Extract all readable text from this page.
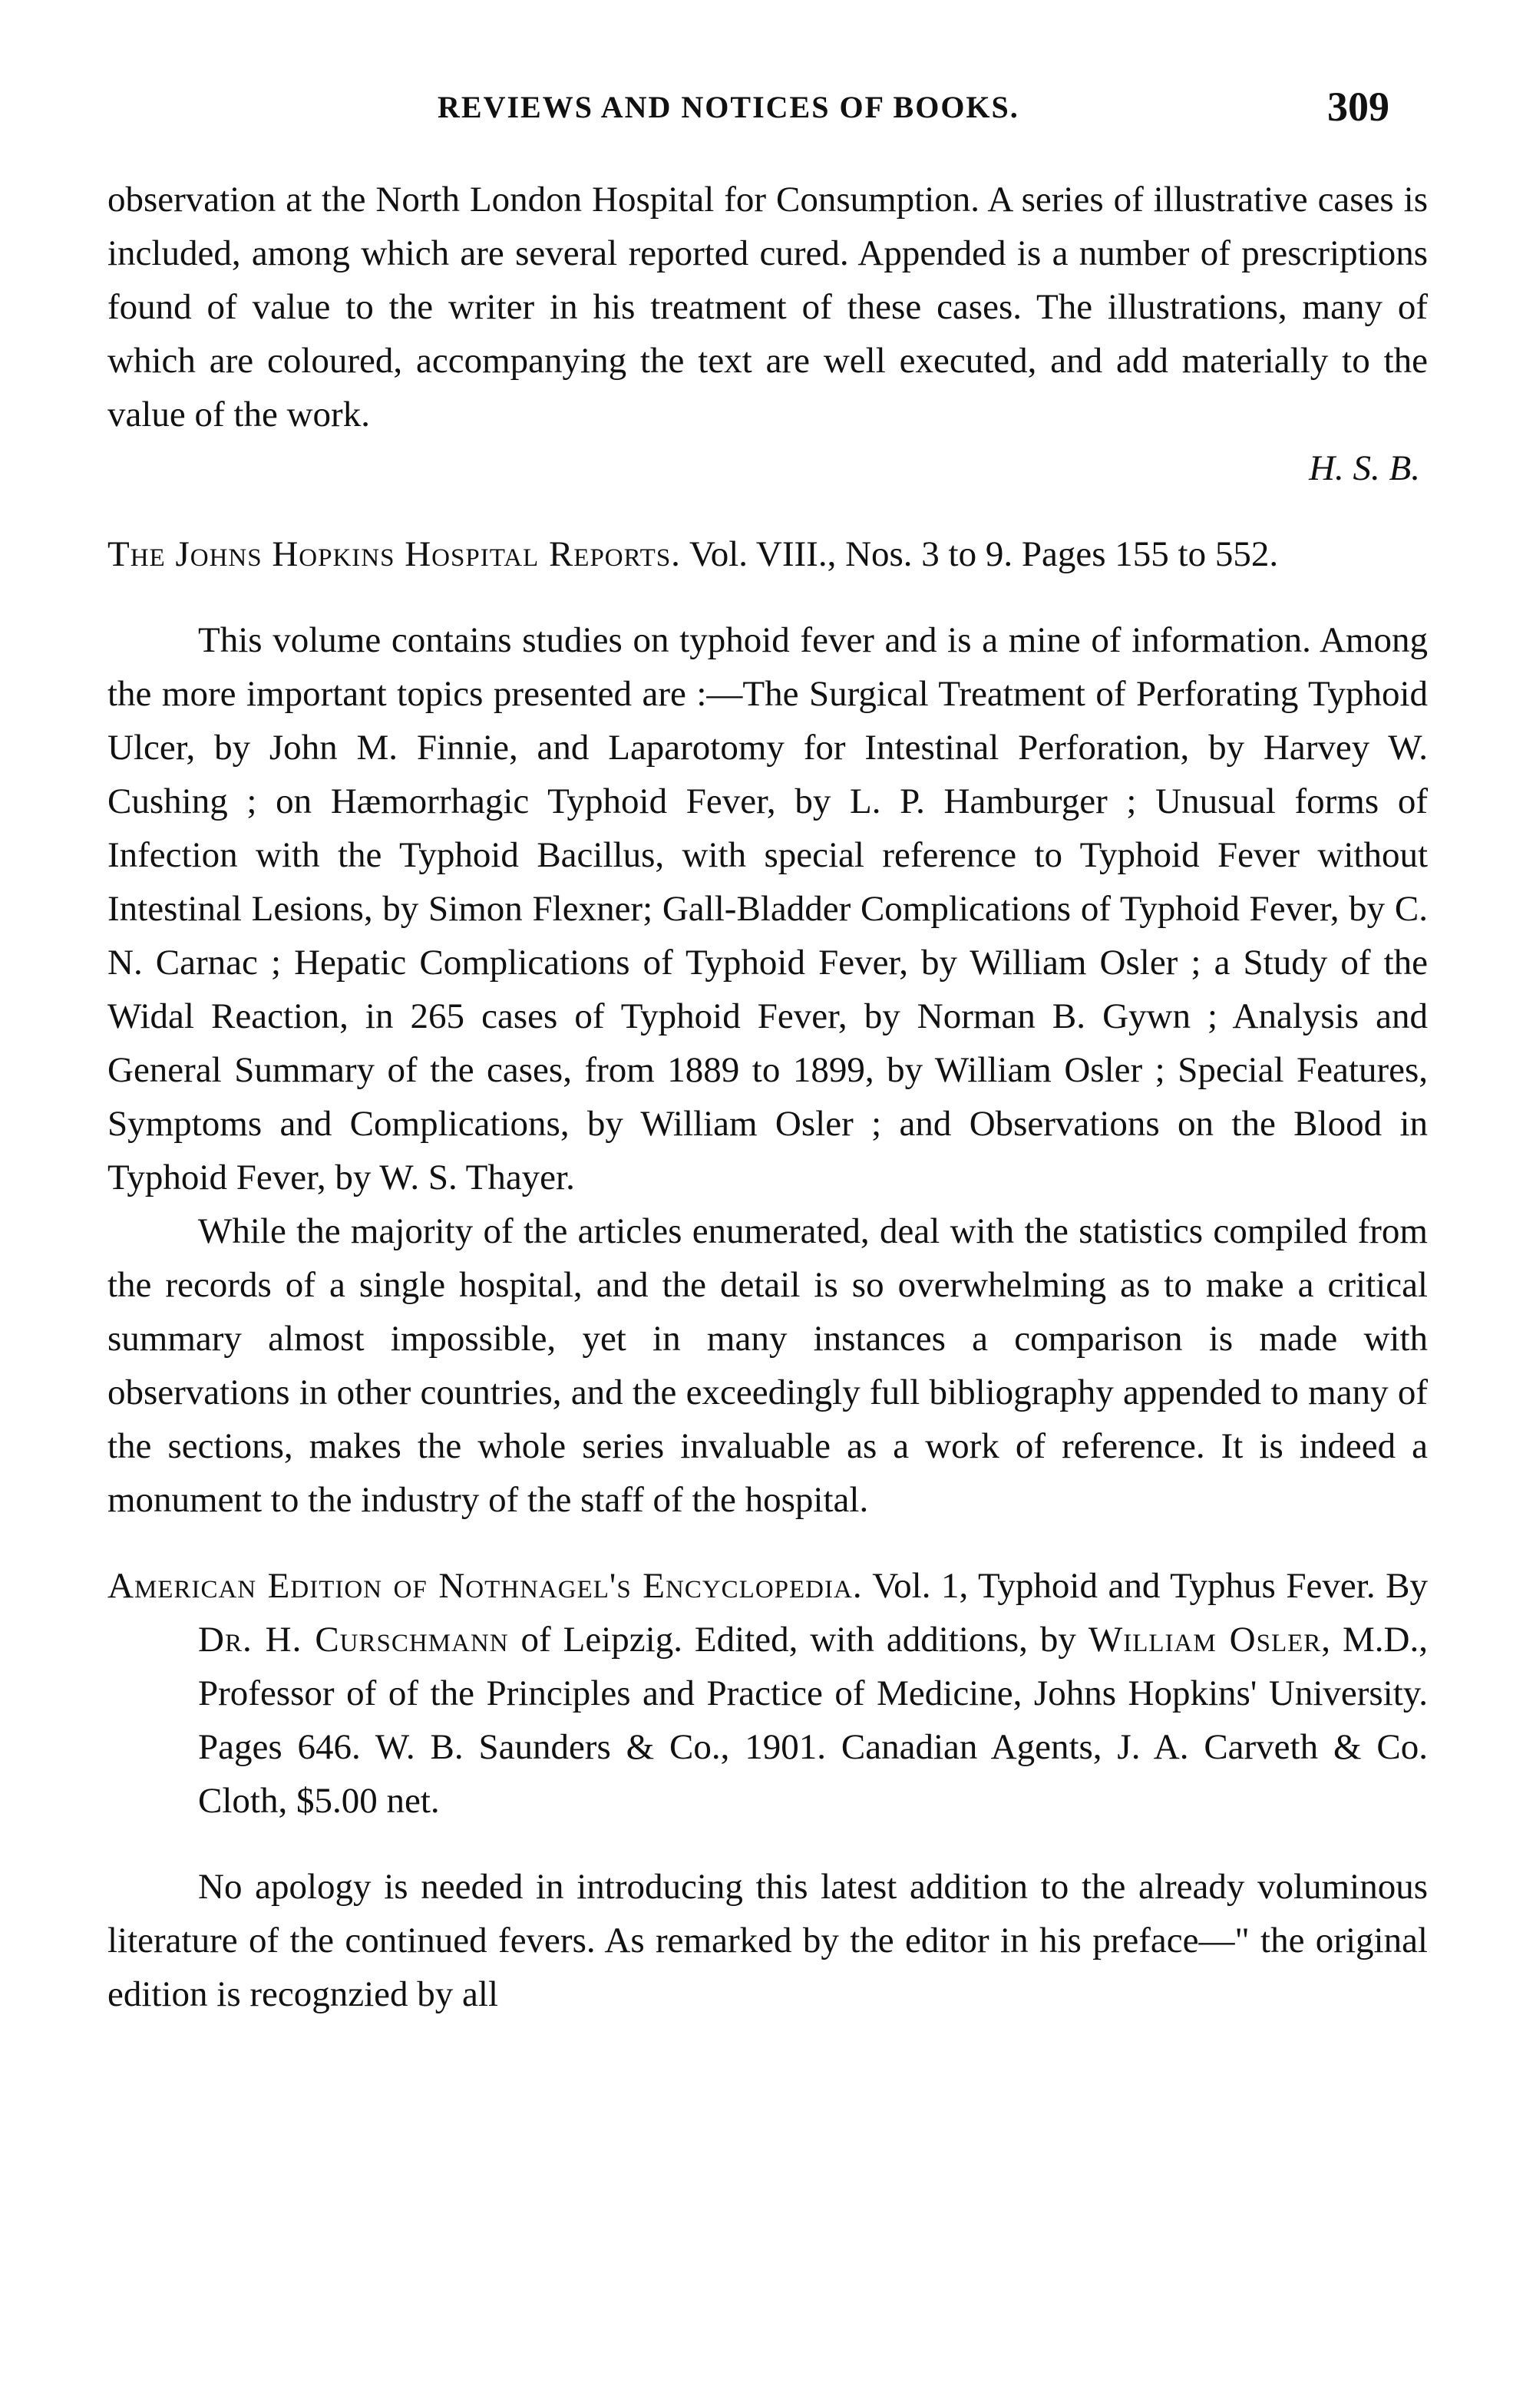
REVIEWS AND NOTICES OF BOOKS.	309

observation at the North London Hospital for Consumption. A series of illustrative cases is included, among which are several reported cured. Appended is a number of prescriptions found of value to the writer in his treatment of these cases. The illustrations, many of which are coloured, accompanying the text are well executed, and add materially to the value of the work.

H. S. B.

The Johns Hopkins Hospital Reports. Vol. VIII., Nos. 3 to 9. Pages 155 to 552.

This volume contains studies on typhoid fever and is a mine of information. Among the more important topics presented are :—The Surgical Treatment of Perforating Typhoid Ulcer, by John M. Finnie, and Laparotomy for Intestinal Perforation, by Harvey W. Cushing ; on Hæmorrhagic Typhoid Fever, by L. P. Hamburger ; Unusual forms of Infection with the Typhoid Bacillus, with special reference to Typhoid Fever without Intestinal Lesions, by Simon Flexner; Gall-Bladder Complications of Typhoid Fever, by C. N. Carnac ; Hepatic Complications of Typhoid Fever, by William Osler ; a Study of the Widal Reaction, in 265 cases of Typhoid Fever, by Norman B. Gywn ; Analysis and General Summary of the cases, from 1889 to 1899, by William Osler ; Special Features, Symptoms and Complications, by William Osler ; and Observations on the Blood in Typhoid Fever, by W. S. Thayer.

While the majority of the articles enumerated, deal with the statistics compiled from the records of a single hospital, and the detail is so overwhelming as to make a critical summary almost impossible, yet in many instances a comparison is made with observations in other countries, and the exceedingly full bibliography appended to many of the sections, makes the whole series invaluable as a work of reference. It is indeed a monument to the industry of the staff of the hospital.

American Edition of Nothnagel's Encyclopedia. Vol. 1, Typhoid and Typhus Fever. By Dr. H. Curschmann of Leipzig. Edited, with additions, by William Osler, M.D., Professor of of the Principles and Practice of Medicine, Johns Hopkins' University. Pages 646. W. B. Saunders & Co., 1901. Canadian Agents, J. A. Carveth & Co. Cloth, $5.00 net.

No apology is needed in introducing this latest addition to the already voluminous literature of the continued fevers. As remarked by the editor in his preface—" the original edition is recognzied by all
